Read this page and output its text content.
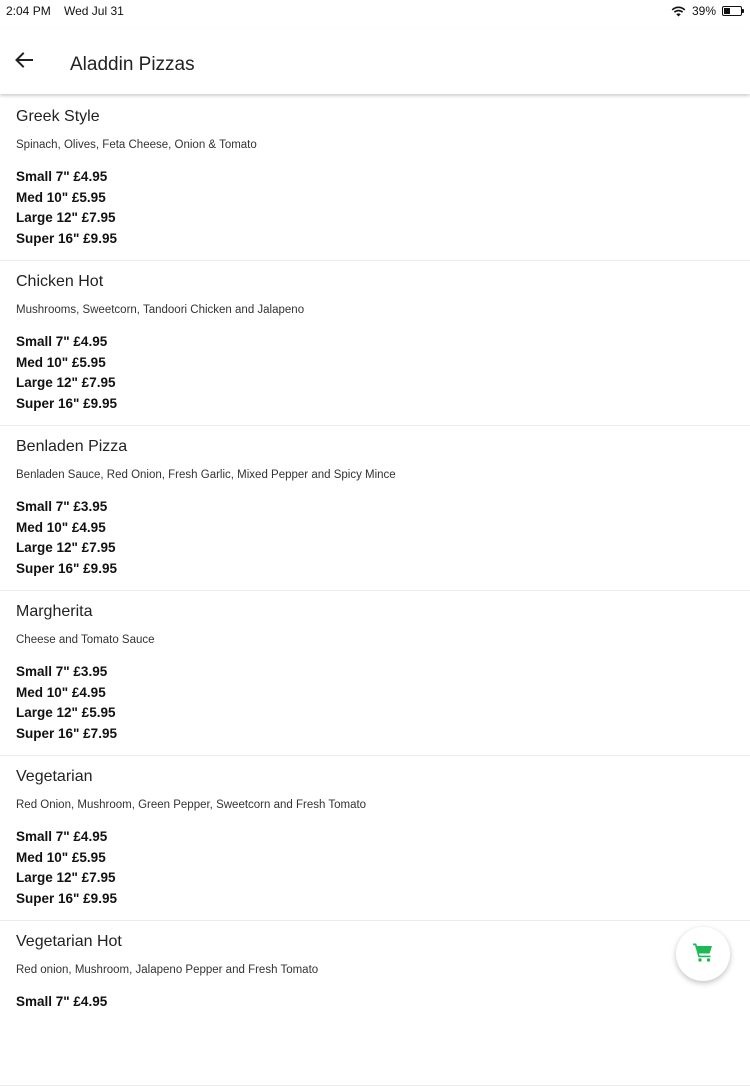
2:04 PM Wed Jul 31	39%
Aladdin Pizzas
Greek Style
Spinach, Olives, Feta Cheese, Onion & Tomato
Small 7" £4.95
Med 10" £5.95
Large 12" £7.95
Super 16" £9.95
Chicken Hot
Mushrooms, Sweetcorn, Tandoori Chicken and Jalapeno
Small 7" £4.95
Med 10" £5.95
Large 12" £7.95
Super 16" £9.95
Benladen Pizza
Benladen Sauce, Red Onion, Fresh Garlic, Mixed Pepper and Spicy Mince
Small 7" £3.95
Med 10" £4.95
Large 12" £7.95
Super 16" £9.95
Margherita
Cheese and Tomato Sauce
Small 7" £3.95
Med 10" £4.95
Large 12" £5.95
Super 16" £7.95
Vegetarian
Red Onion, Mushroom, Green Pepper, Sweetcorn and Fresh Tomato
Small 7" £4.95
Med 10" £5.95
Large 12" £7.95
Super 16" £9.95
Vegetarian Hot
Red onion, Mushroom, Jalapeno Pepper and Fresh Tomato
Small 7" £4.95
